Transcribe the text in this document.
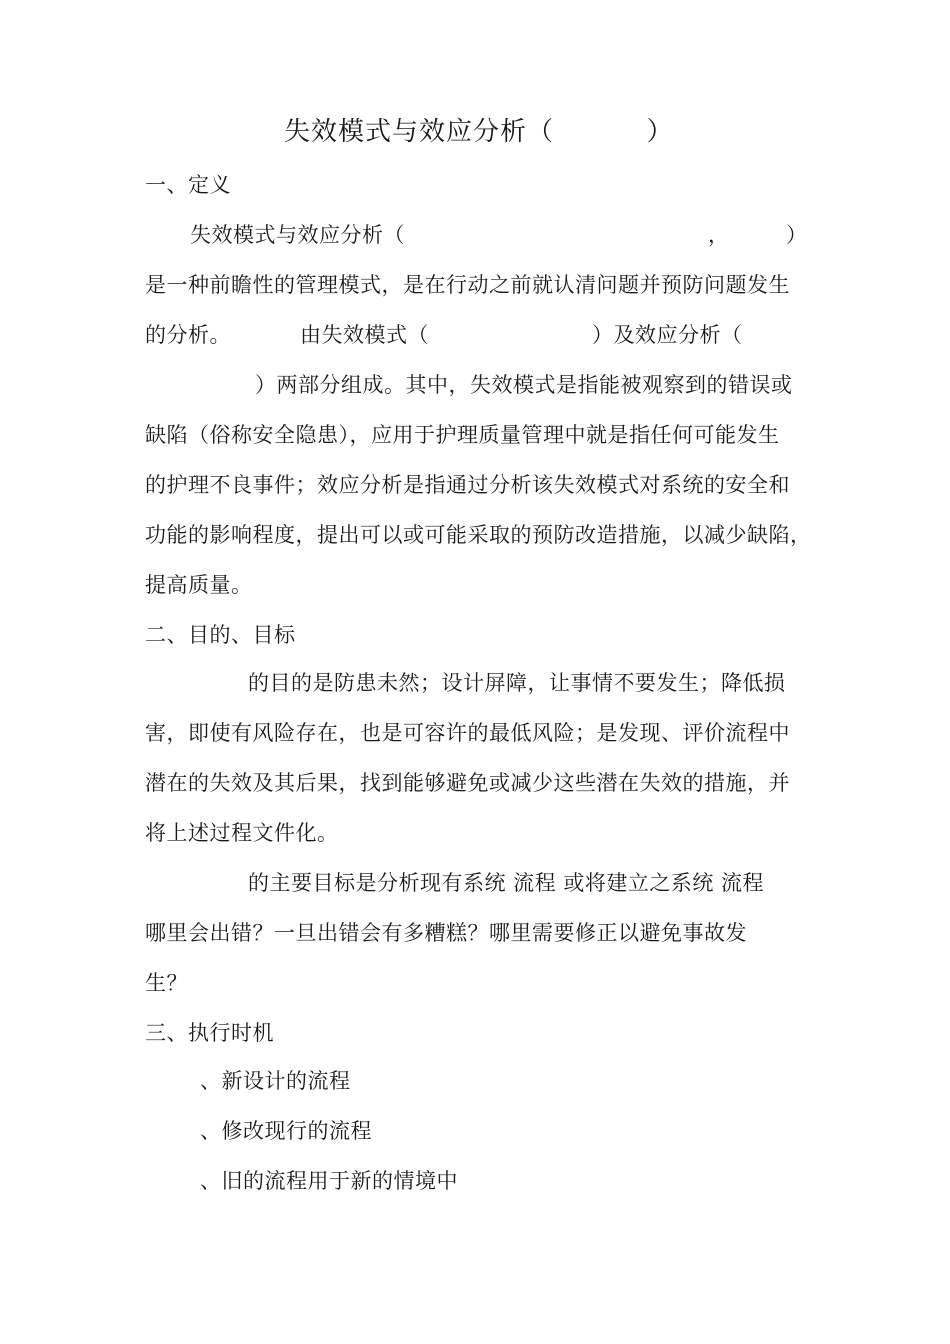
失效模式与效应分析（          ）
一、定义
失效模式与效应分析（	，	）
是一种前瞻性的管理模式，是在行动之前就认清问题并预防问题发生
的分析。	由失效模式（	）及效应分析（
）两部分组成。其中，失效模式是指能被观察到的错误或
缺陷（俗称安全隐患），应用于护理质量管理中就是指任何可能发生
的护理不良事件；效应分析是指通过分析该失效模式对系统的安全和
功能的影响程度，提出可以或可能采取的预防改造措施，以减少缺陷，
提高质量。
二、目的、目标
的目的是防患未然；设计屏障，让事情不要发生；降低损
害，即使有风险存在，也是可容许的最低风险；是发现、评价流程中
潜在的失效及其后果，找到能够避免或减少这些潜在失效的措施，并
将上述过程文件化。
的主要目标是分析现有系统 流程 或将建立之系统 流程
哪里会出错？一旦出错会有多糟糕？哪里需要修正以避免事故发
生？
三、执行时机
、新设计的流程
、修改现行的流程
、旧的流程用于新的情境中
